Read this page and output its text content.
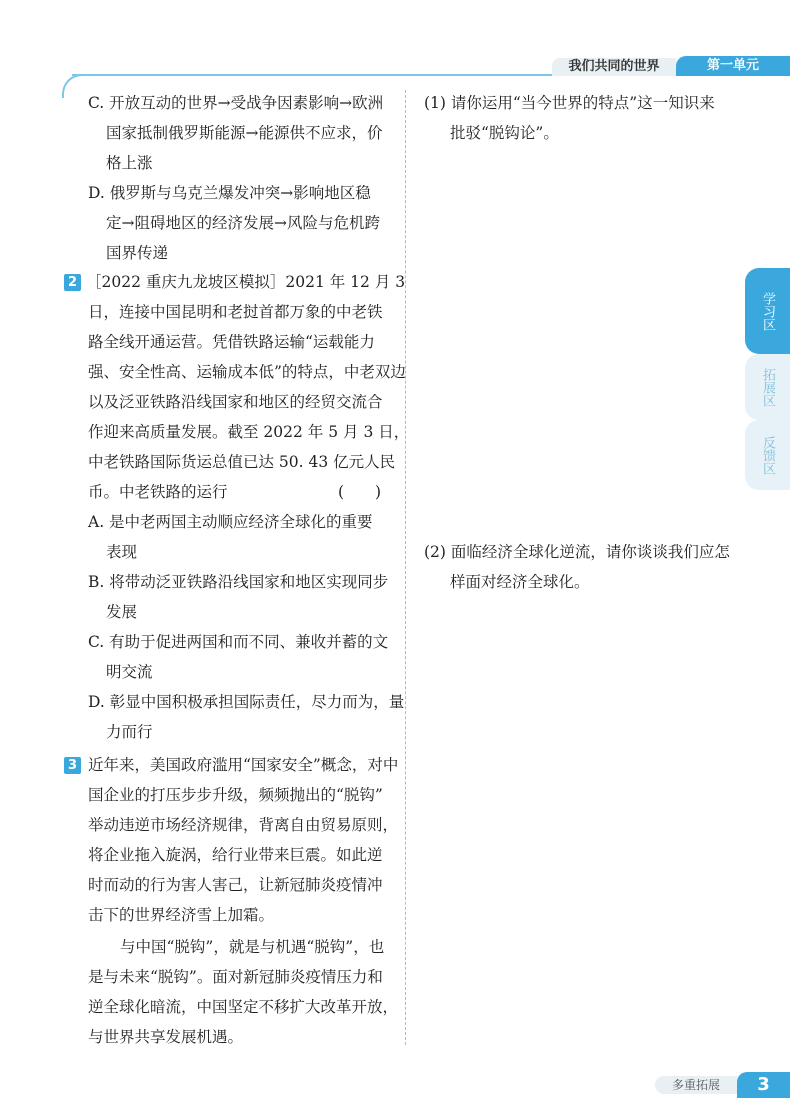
我们共同的世界	第一单元
C. 开放互动的世界→受战争因素影响→欧洲
国家抵制俄罗斯能源→能源供不应求，价
格上涨
D. 俄罗斯与乌克兰爆发冲突→影响地区稳
定→阻碍地区的经济发展→风险与危机跨
国界传递
2 ［2022 重庆九龙坡区模拟］2021 年 12 月 3
日，连接中国昆明和老挝首都万象的中老铁
路全线开通运营。凭借铁路运输“运载能力
强、安全性高、运输成本低”的特点，中老双边
以及泛亚铁路沿线国家和地区的经贸交流合
作迎来高质量发展。截至 2022 年 5 月 3 日，
中老铁路国际货运总值已达 50. 43 亿元人民
币。中老铁路的运行	(　　)
A. 是中老两国主动顺应经济全球化的重要
表现
B. 将带动泛亚铁路沿线国家和地区实现同步
发展
C. 有助于促进两国和而不同、兼收并蓄的文
明交流
D. 彰显中国积极承担国际责任，尽力而为，量
力而行
3 近年来，美国政府滥用“国家安全”概念，对中
国企业的打压步步升级，频频抛出的“脱钩”
举动违逆市场经济规律，背离自由贸易原则，
将企业拖入旋涡，给行业带来巨震。如此逆
时而动的行为害人害己，让新冠肺炎疫情冲
击下的世界经济雪上加霜。
与中国“脱钩”，就是与机遇“脱钩”，也
是与未来“脱钩”。面对新冠肺炎疫情压力和
逆全球化暗流，中国坚定不移扩大改革开放，
与世界共享发展机遇。
(1) 请你运用“当今世界的特点”这一知识来
批驳“脱钩论”。
(2) 面临经济全球化逆流，请你谈谈我们应怎
样面对经济全球化。
学习区
拓展区
反馈区
多重拓展	3
